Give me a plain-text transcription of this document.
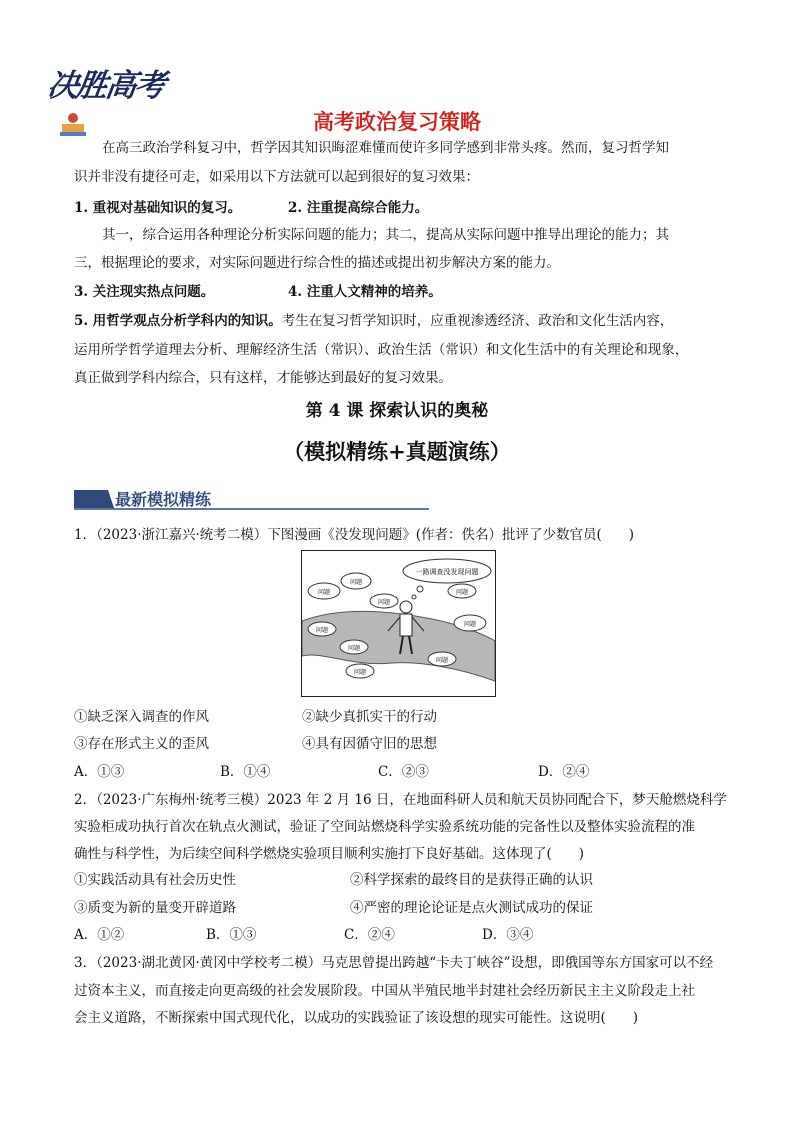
决胜高考
高考政治复习策略
在高三政治学科复习中，哲学因其知识晦涩难懂而使许多同学感到非常头疼。然而，复习哲学知
识并非没有捷径可走，如采用以下方法就可以起到很好的复习效果：
1. 重视对基础知识的复习。	2. 注重提高综合能力。
其一，综合运用各种理论分析实际问题的能力；其二，提高从实际问题中推导出理论的能力；其
三，根据理论的要求，对实际问题进行综合性的描述或提出初步解决方案的能力。
3. 关注现实热点问题。	4. 注重人文精神的培养。
5. 用哲学观点分析学科内的知识。考生在复习哲学知识时，应重视渗透经济、政治和文化生活内容，
运用所学哲学道理去分析、理解经济生活（常识）、政治生活（常识）和文化生活中的有关理论和现象，
真正做到学科内综合，只有这样，才能够达到最好的复习效果。
第 4 课 探索认识的奥秘
（模拟精练+真题演练）
最新模拟精练
1．（2023·浙江嘉兴·统考二模）下图漫画《没发现问题》(作者：佚名）批评了少数官员(　　)
一路调查没发现问题
问题
问题
问题
问题
问题
问题
问题
问题
问题
①缺乏深入调查的作风	②缺少真抓实干的行动
③存在形式主义的歪风	④具有因循守旧的思想
A．①③	B．①④	C．②③	D．②④
2．（2023·广东梅州·统考三模）2023 年 2 月 16 日，在地面科研人员和航天员协同配合下，梦天舱燃烧科学
实验柜成功执行首次在轨点火测试，验证了空间站燃烧科学实验系统功能的完备性以及整体实验流程的准
确性与科学性，为后续空间科学燃烧实验项目顺利实施打下良好基础。这体现了(　　)
①实践活动具有社会历史性	②科学探索的最终目的是获得正确的认识
③质变为新的量变开辟道路	④严密的理论论证是点火测试成功的保证
A．①②	B．①③	C．②④	D．③④
3．（2023·湖北黄冈·黄冈中学校考二模）马克思曾提出跨越“卡夫丁峡谷”设想，即俄国等东方国家可以不经
过资本主义，而直接走向更高级的社会发展阶段。中国从半殖民地半封建社会经历新民主主义阶段走上社
会主义道路，不断探索中国式现代化，以成功的实践验证了该设想的现实可能性。这说明(　　)
